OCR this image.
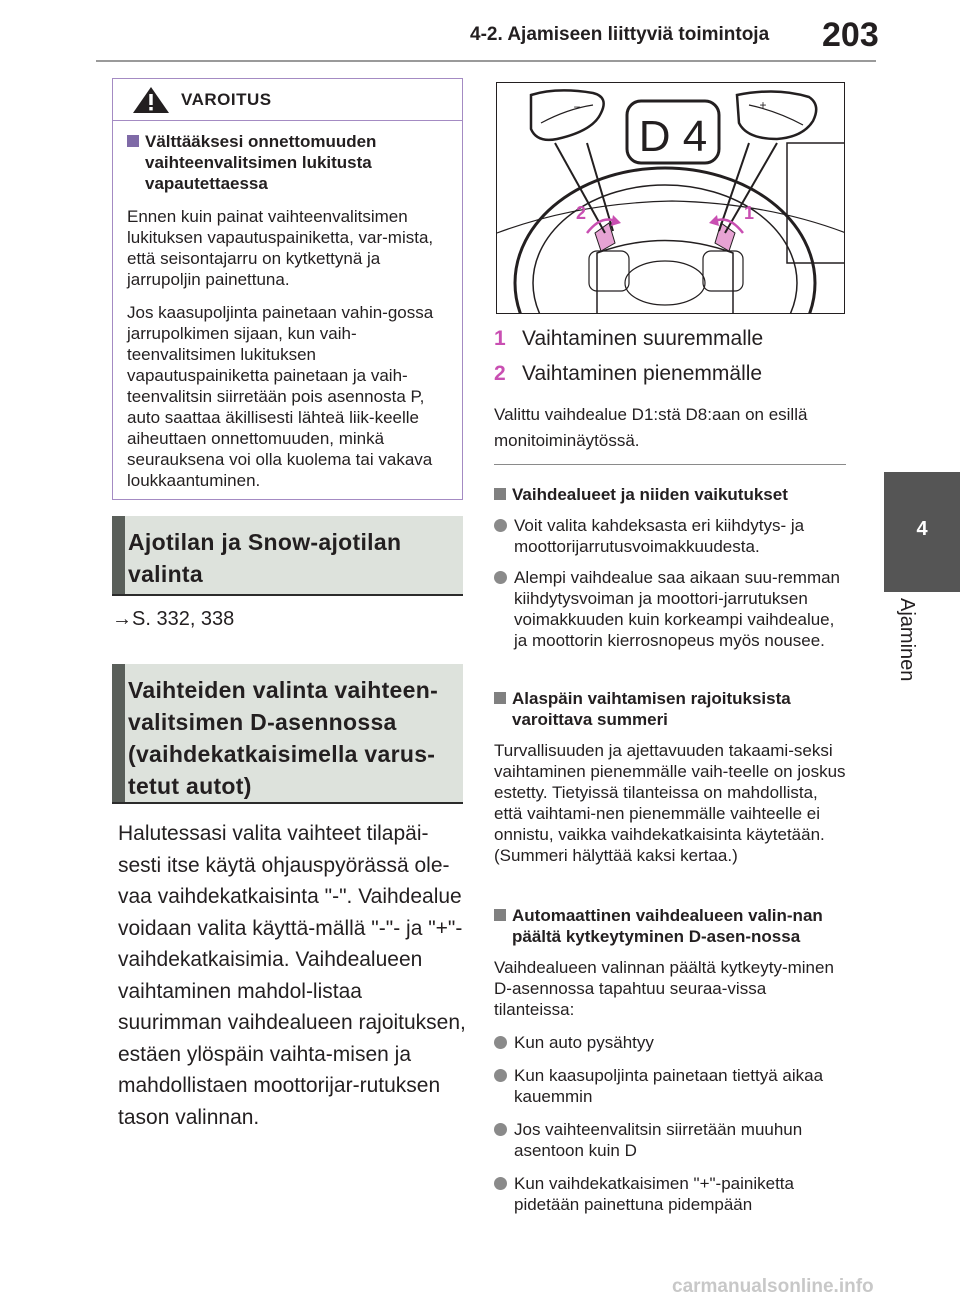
4-2. Ajamiseen liittyviä toimintoja 203
4
Ajaminen
VAROITUS
Välttääksesi onnettomuuden vaihteenvalitsimen lukitusta vapautettaessa
Ennen kuin painat vaihteenvalitsimen lukituksen vapautuspainiketta, var-mista, että seisontajarru on kytkettynä ja jarrupoljin painettuna.
Jos kaasupoljinta painetaan vahin-gossa jarrupolkimen sijaan, kun vaih-teenvalitsimen lukituksen vapautuspainiketta painetaan ja vaih-teenvalitsin siirretään pois asennosta P, auto saattaa äkillisesti lähteä liik-keelle aiheuttaen onnettomuuden, minkä seurauksena voi olla kuolema tai vakava loukkaantuminen.
Ajotilan ja Snow-ajotilan valinta
→S. 332, 338
Vaihteiden valinta vaihteen-valitsimen D-asennossa (vaihdekatkaisimella varus-tetut autot)
Halutessasi valita vaihteet tilapäi-sesti itse käytä ohjauspyörässä ole-vaa vaihdekatkaisinta "-". Vaihdealue voidaan valita käyttä-mällä "-"- ja "+"-vaihdekatkaisimia. Vaihdealueen vaihtaminen mahdol-listaa suurimman vaihdealueen rajoituksen, estäen ylöspäin vaihta-misen ja mahdollistaen moottorijar-rutuksen tason valinnan.
D 4
−	+
2	1
1 Vaihtaminen suuremmalle
2 Vaihtaminen pienemmälle
Valittu vaihdealue D1:stä D8:aan on esillä monitoiminäytössä.
Vaihdealueet ja niiden vaikutukset
Voit valita kahdeksasta eri kiihdytys- ja moottorijarrutusvoimakkuudesta.
Alempi vaihdealue saa aikaan suu-remman kiihdytysvoiman ja moottori-jarrutuksen voimakkuuden kuin korkeampi vaihdealue, ja moottorin kierrosnopeus myös nousee.
Alaspäin vaihtamisen rajoituksista varoittava summeri
Turvallisuuden ja ajettavuuden takaami-seksi vaihtaminen pienemmälle vaih-teelle on joskus estetty. Tietyissä tilanteissa on mahdollista, että vaihtami-nen pienemmälle vaihteelle ei onnistu, vaikka vaihdekatkaisinta käytetään. (Summeri hälyttää kaksi kertaa.)
Automaattinen vaihdealueen valin-nan päältä kytkeytyminen D-asen-nossa
Vaihdealueen valinnan päältä kytkeyty-minen D-asennossa tapahtuu seuraa-vissa tilanteissa:
Kun auto pysähtyy
Kun kaasupoljinta painetaan tiettyä aikaa kauemmin
Jos vaihteenvalitsin siirretään muuhun asentoon kuin D
Kun vaihdekatkaisimen "+"-painiketta pidetään painettuna pidempään
carmanualsonline.info
